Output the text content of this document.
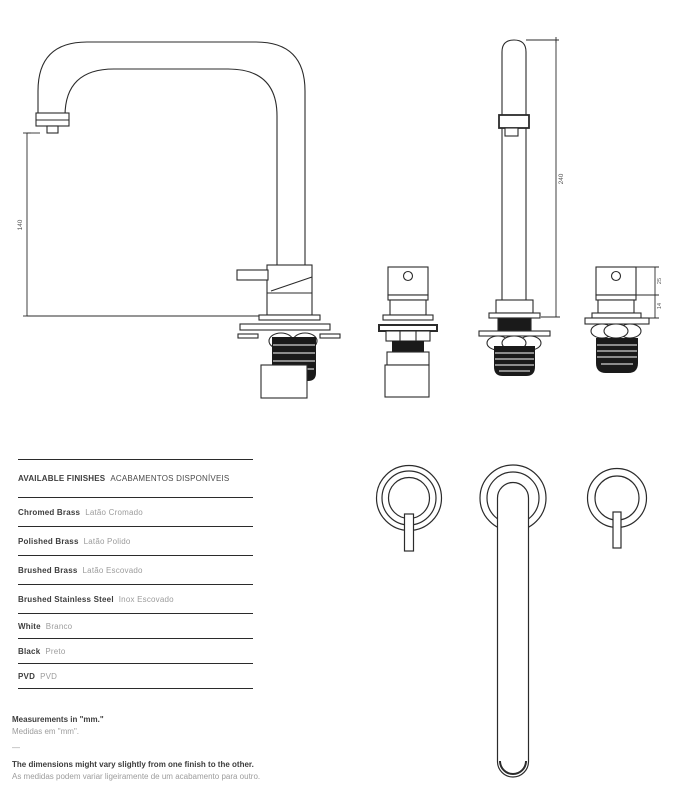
140
240
25
14
AVAILABLE FINISHES ACABAMENTOS DISPONÍVEIS
Chromed Brass Latão Cromado
Polished Brass Latão Polido
Brushed Brass Latão Escovado
Brushed Stainless Steel Inox Escovado
White Branco
Black Preto
PVD PVD

Measurements in "mm."

Medidas em "mm".

—

The dimensions might vary slightly from one finish to the other.

As medidas podem variar ligeiramente de um acabamento para outro.
